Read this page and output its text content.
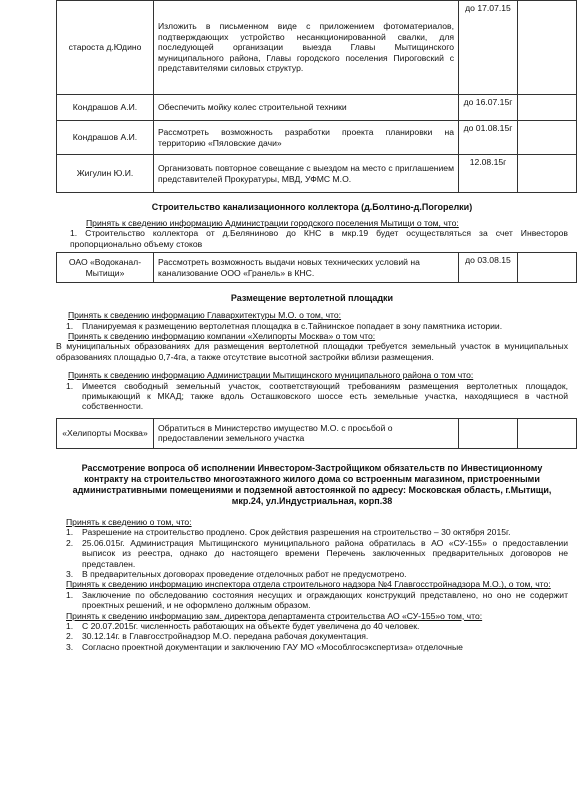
староста д.Юдино	Изложить в письменном виде с приложением фотоматериалов, подтверждающих устройство несанкционированной свалки, для последующей организации выезда Главы Мытищинского муниципального района, Главы городского поселения Пироговский с представителями силовых структур.	до 17.07.15	
Кондрашов А.И.	Обеспечить мойку колес строительной техники	до 16.07.15г	
Кондрашов А.И.	Рассмотреть возможность разработки проекта планировки на территорию «Пяловские дачи»	до 01.08.15г	
Жигулин Ю.И.	Организовать повторное совещание с выездом на место с приглашением представителей Прокуратуры, МВД, УФМС М.О.	12.08.15г	
Строительство канализационного коллектора (д.Болтино-д.Погорелки)
Принять к сведению информацию Администрации городского поселения Мытищи о том, что:
1. Строительство коллектора от д.Беляниново до КНС в мкр.19 будет осуществляться за счет Инвесторов пропорционально объему стоков
ОАО «Водоканал-Мытищи»	Рассмотреть возможность выдачи новых технических условий на канализование ООО «Гранель» в КНС.	до 03.08.15	
Размещение вертолетной площадки
Принять к сведению информацию Главархитектуры М.О. о том, что:
1.	Планируемая к размещению вертолетная площадка в с.Тайнинское попадает в зону памятника истории.
Принять к сведению информацию компании «Хелипорты Москва» о том что:
В муниципальных образованиях для размещения вертолетной площадки требуется земельный участок в муниципальных образованиях площадью 0,7-4га, а также отсутствие высотной застройки вблизи размещения.
Принять к сведению информацию Администрации Мытищинского муниципального района о том что:
1.	Имеется свободный земельный участок, соответствующий требованиям размещения вертолетных площадок, примыкающий к МКАД; также вдоль Осташковского шоссе есть земельные участка, находящиеся в частной собственности.
«Хелипорты Москва»	Обратиться в Министерство имущество М.О. с просьбой о предоставлении земельного участка		
Рассмотрение вопроса об исполнении Инвестором-Застройщиком обязательств по Инвестиционному контракту на строительство многоэтажного жилого дома со встроенным магазином, пристроенными административными помещениями и подземной автостоянкой по адресу: Московская область, г.Мытищи, мкр.24, ул.Индустриальная, корп.38
Принять к сведению о том, что:
1.	Разрешение на строительство продлено. Срок действия разрешения на строительство – 30 октября 2015г.
2.	25.06.015г. Администрация Мытищинского муниципального района обратилась в АО «СУ-155» о предоставлении выписок из реестра, однако до настоящего времени Перечень заключенных предварительных договоров не представлен.
3.	В предварительных договорах проведение отделочных работ не предусмотрено.
Принять к сведению информацию инспектора отдела строительного надзора №4 Главгосстройнадзора М.О.), о том, что:
1.	Заключение по обследованию состояния несущих и ограждающих конструкций представлено, но оно не содержит проектных решений, и не оформлено должным образом.
Принять к сведению информацию зам. директора департамента строительства АО «СУ-155»о том, что:
1.	С 20.07.2015г. численность работающих на объекте будет увеличена до 40 человек.
2.	30.12.14г. в Главгосстройнадзор М.О. передана рабочая документация.
3.	Согласно проектной документации и заключению ГАУ МО «Мособлгосэкспертиза» отделочные
